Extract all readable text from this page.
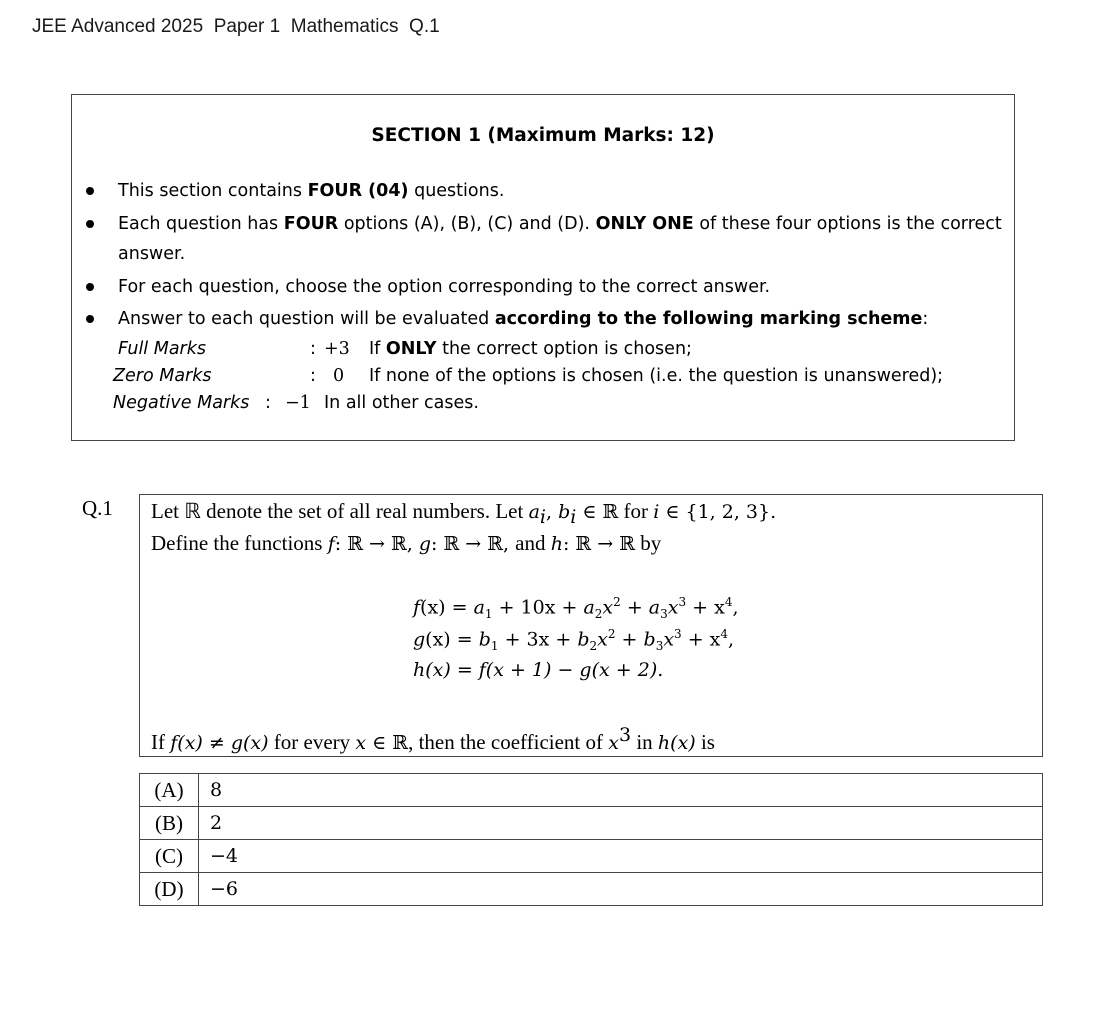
JEE Advanced 2025  Paper 1  Mathematics  Q.1
SECTION 1 (Maximum Marks: 12)
This section contains FOUR (04) questions.
Each question has FOUR options (A), (B), (C) and (D). ONLY ONE of these four options is the correct
answer.
For each question, choose the option corresponding to the correct answer.
Answer to each question will be evaluated according to the following marking scheme:
Full Marks	: +3 If ONLY the correct option is chosen;
Zero Marks	: 0 If none of the options is chosen (i.e. the question is unanswered);
Negative Marks : −1 In all other cases.
Q.1 Let ℝ denote the set of all real numbers. Let $a_i$, $b_i$ ∈ ℝ for i ∈ {1, 2, 3}.
Define the functions f: ℝ → ℝ, g: ℝ → ℝ, and h: ℝ → ℝ by
$f(x) = a_1 + 10x + a_2x^2 + a_3x^3 + x^4$,
$g(x) = b_1 + 3x + b_2x^2 + b_3x^3 + x^4$,
h(x) = f(x + 1) − g(x + 2).
If f(x) ≠ g(x) for every x ∈ ℝ, then the coefficient of $x^3$ in h(x) is
(A)	8
(B)	2
(C)	−4
(D)	−6
